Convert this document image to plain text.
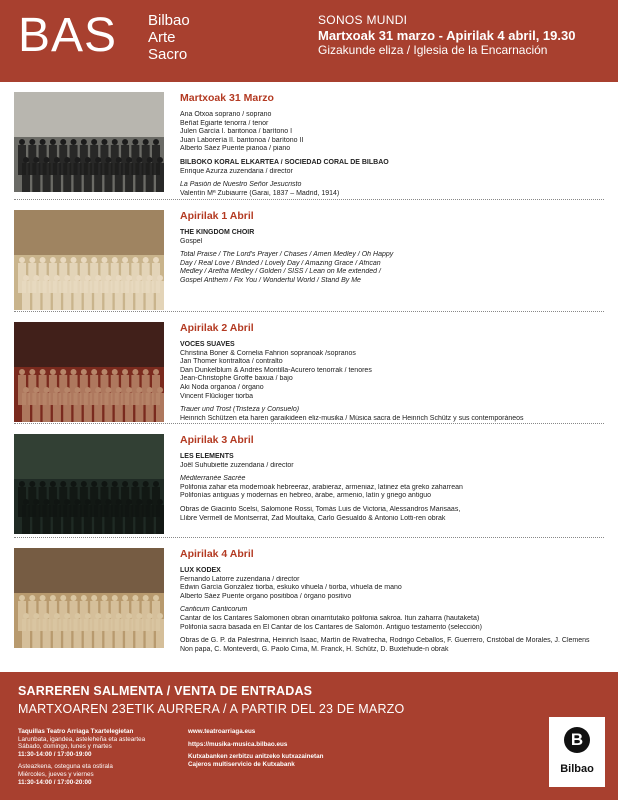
BAS Bilbao
Arte
Sacro
SONOS MUNDI
Martxoak 31 marzo - Apirilak 4 abril, 19.30
Gizakunde eliza / Iglesia de la Encarnación
Martxoak 31 Marzo
Ana Otxoa soprano / soprano
Beñat Egiarte tenorra / tenor
Julen García I. baritonoa / barítono I
Juan Laborería II. baritonoa / barítono II
Alberto Sáez Puente pianoa / piano
BILBOKO KORAL ELKARTEA / SOCIEDAD CORAL DE BILBAO
Enrique Azurza zuzendaria / director
La Pasión de Nuestro Señor Jesucristo
Valentín Mª Zubiaurre (Garai, 1837 – Madrid, 1914)
Apirilak 1 Abril
THE KINGDOM CHOIR
Gospel
Total Praise / The Lord's Prayer / Chases / Amen Medley / Oh Happy
Day / Real Love / Blinded / Lovely Day / Amazing Grace / African
Medley / Aretha Medley / Golden / SISS / Lean on Me extended /
Gospel Anthem / Fix You / Wonderful World / Stand By Me
Apirilak 2 Abril
VOCES SUAVES
Christina Boner & Cornelia Fahrion sopranoak /sopranos
Jan Thomer kontraltoa / contralto
Dan Dunkelblum & Andrés Montilla-Acurero tenorrak / tenores
Jean-Christophe Groffe baxua / bajo
Aki Noda organoa / órgano
Vincent Flückiger tiorba
Trauer und Trost (Tristeza y Consuelo)
Heinrich Schützen eta haren garaikideen eliz-musika / Música sacra de Heinrich Schütz y sus contemporáneos
Apirilak 3 Abril
LES ÉLÉMENTS
Joël Suhubiette zuzendaria / director
Méditerranée Sacrée
Polifonia zahar eta modernoak hebreeraz, arabieraz, armeniaz, latinez eta greko zaharrean
Polifonías antiguas y modernas en hebreo, árabe, armenio, latín y griego antiguo
Obras de Giacinto Scelsi, Salomone Rossi, Tomás Luis de Victoria, Alessandros Marisaas,
Llibre Vermell de Montserrat, Zad Moultaka, Carlo Gesualdo & Antonio Lotti-ren obrak
Apirilak 4 Abril
LUX KODEX
Fernando Latorre zuzendaria / director
Edwin García González tiorba, eskuko vihuela / tiorba, vihuela de mano
Alberto Sáez Puente organo positiboa / órgano positivo
Canticum Canticorum
Cantar de los Cantares Salomonen obran oinarritutako polifonia sakroa. Itun zaharra (hautaketa)
Polifonía sacra basada en El Cantar de los Cantares de Salomón. Antiguo testamento (selección)
Obras de G. P. da Palestrina, Heinrich Isaac, Martín de Rivafrecha, Rodrigo Ceballos, F. Guerrero, Cristóbal de Morales, J. Clemens
Non papa, C. Monteverdi, G. Paolo Cima, M. Franck, H. Schütz, D. Buxtehude-n obrak
SARREREN SALMENTA / VENTA DE ENTRADAS
MARTXOAREN 23ETIK AURRERA / A PARTIR DEL 23 DE MARZO
Taquillas Teatro Arriaga Txartelegietan
Larunbata, igandea, asteleheña eta asteartea
Sábado, domingo, lunes y martes
11:30-14:00 / 17:00-19:00
Asteazkena, osteguna eta ostirala
Miércoles, jueves y viernes
11:30-14:00 / 17:00-20:00
www.teatroarriaga.eus
https://musika-musica.bilbao.eus
Kutxabanken zerbitzu anitzeko kutxazainetan
Cajeros multiservicio de Kutxabank
B
Bilbao
